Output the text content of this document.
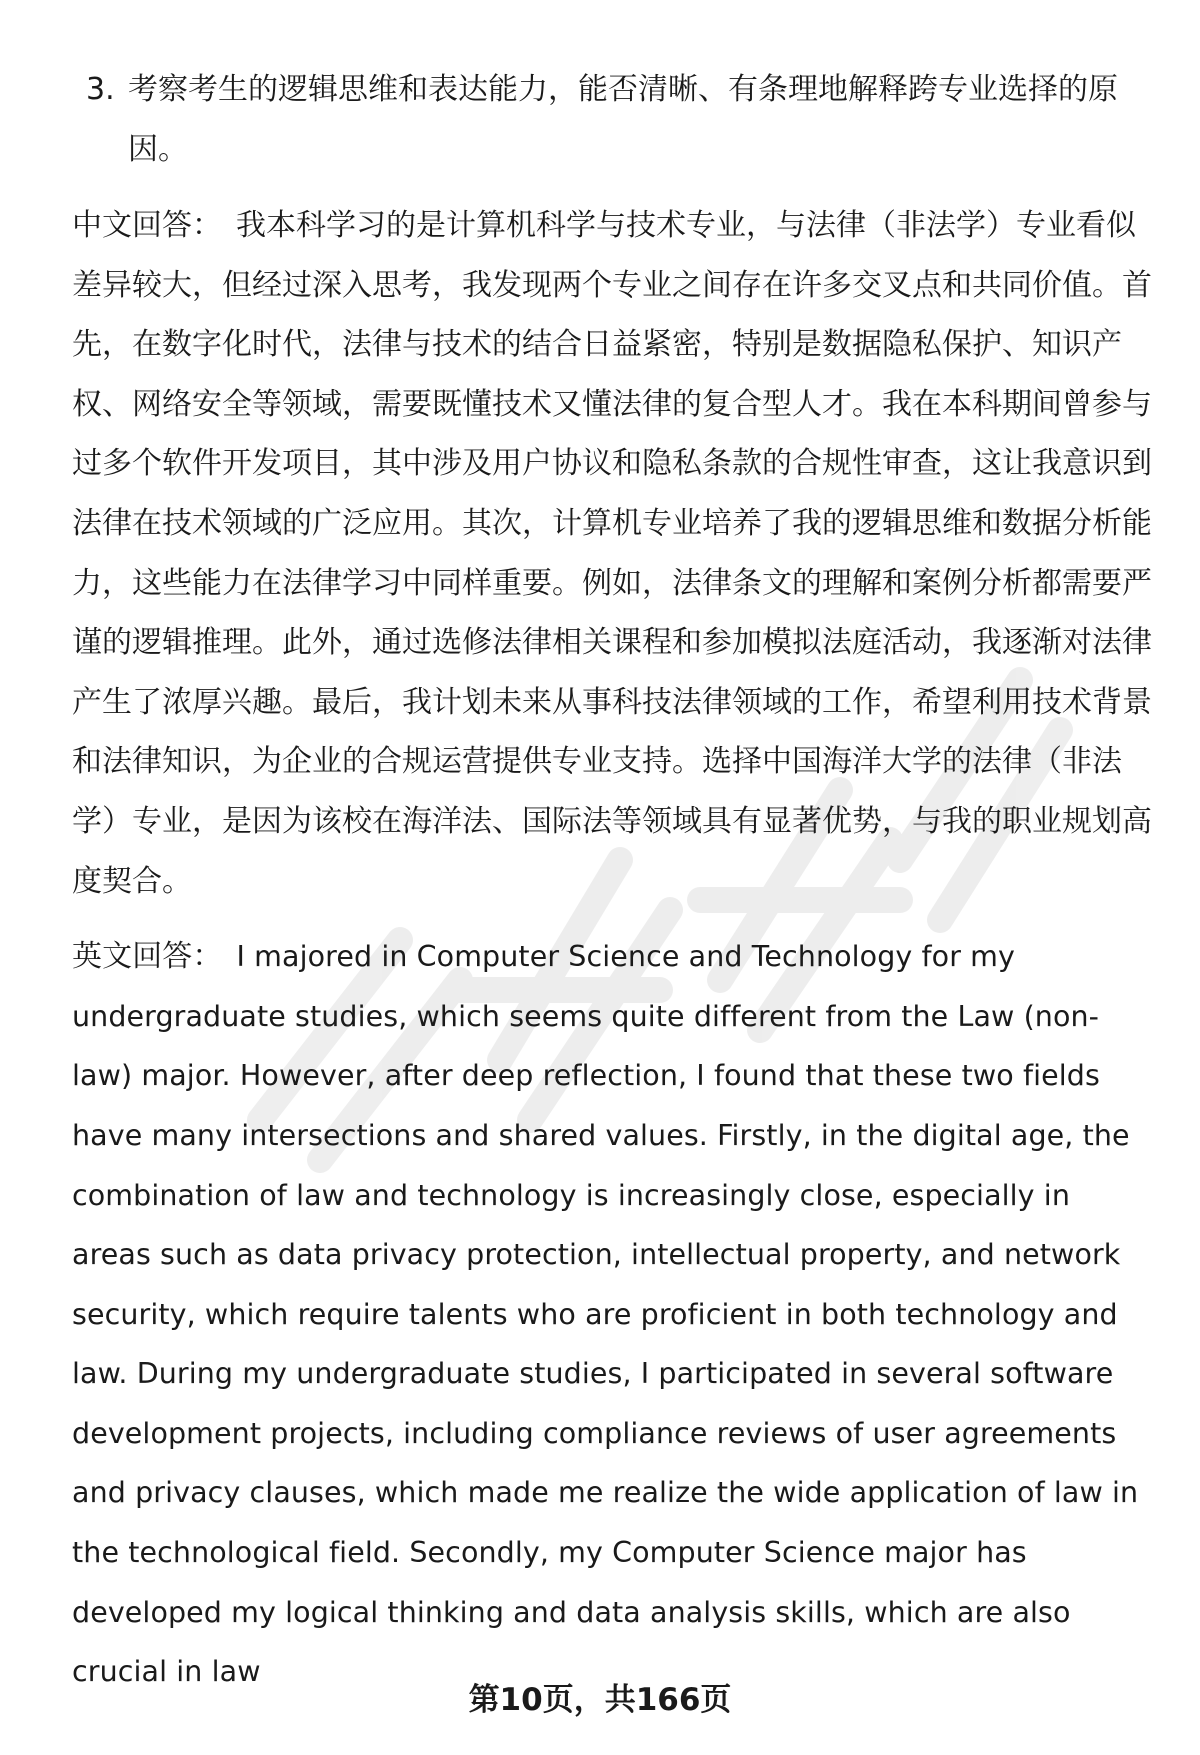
3. 考察考生的逻辑思维和表达能力，能否清晰、有条理地解释跨专业选择的原因。

中文回答： 我本科学习的是计算机科学与技术专业，与法律（非法学）专业看似差异较大，但经过深入思考，我发现两个专业之间存在许多交叉点和共同价值。首先，在数字化时代，法律与技术的结合日益紧密，特别是数据隐私保护、知识产权、网络安全等领域，需要既懂技术又懂法律的复合型人才。我在本科期间曾参与过多个软件开发项目，其中涉及用户协议和隐私条款的合规性审查，这让我意识到法律在技术领域的广泛应用。其次，计算机专业培养了我的逻辑思维和数据分析能力，这些能力在法律学习中同样重要。例如，法律条文的理解和案例分析都需要严谨的逻辑推理。此外，通过选修法律相关课程和参加模拟法庭活动，我逐渐对法律产生了浓厚兴趣。最后，我计划未来从事科技法律领域的工作，希望利用技术背景和法律知识，为企业的合规运营提供专业支持。选择中国海洋大学的法律（非法学）专业，是因为该校在海洋法、国际法等领域具有显著优势，与我的职业规划高度契合。

英文回答： I majored in Computer Science and Technology for my undergraduate studies, which seems quite different from the Law (non-law) major. However, after deep reflection, I found that these two fields have many intersections and shared values. Firstly, in the digital age, the combination of law and technology is increasingly close, especially in areas such as data privacy protection, intellectual property, and network security, which require talents who are proficient in both technology and law. During my undergraduate studies, I participated in several software development projects, including compliance reviews of user agreements and privacy clauses, which made me realize the wide application of law in the technological field. Secondly, my Computer Science major has developed my logical thinking and data analysis skills, which are also crucial in law

第10页，共166页
